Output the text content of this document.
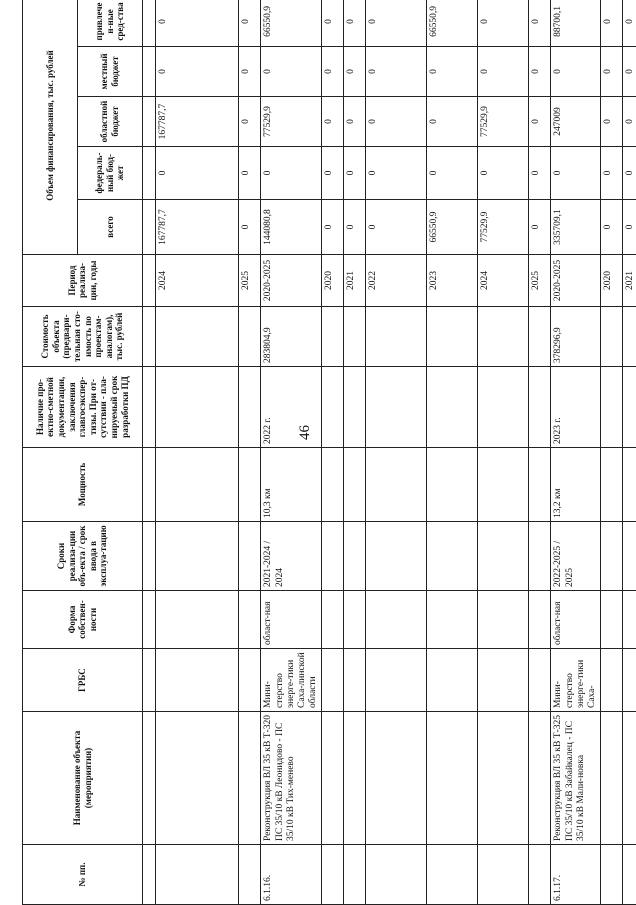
46
№ пп.	Наименование объекта (мероприятия)	ГРБС	Форма собствен-ности	Сроки реализа-ции объ-екта / срок ввода в эксплуа-тацию	Мощность	Наличие про-ектно-сметной документации, заключения главгосэкспер-тизы. При от-сутствии - пла-нируемый срок разработки ПД	Стоимость объекта (предвари-тельная сто-имость по проектам-аналогам), тыс. рублей	Период реализа-ции, годы	Объем финансирования, тыс. рублей	
									всего	федераль-ный бюд-жет	областной бюджет	местный бюджет	привлечен-ные сред-ства	

								2024	167787,7	0	167787,7	0	0	
								2025	0	0	0	0	0	
6.1.16.	Реконструкция ВЛ 35 кВ Т-320 ПС 35/10 кВ Леонидово - ПС 35/10 кВ Тих-менево	Мини-стерство энерге-тики Саха-линской области	област-ная	2021-2024 / 2024	10,3 км	2022 г.	283804,9	2020-2025	144080,8	0	77529,9	0	66550,9	
								2020	0	0	0	0	0	
								2021	0	0	0	0	0	
								2022	0	0	0	0	0	
								2023	66550,9	0	0	0	66550,9	
								2024	77529,9	0	77529,9	0	0	
								2025	0	0	0	0	0	
6.1.17.	Реконструкция ВЛ 35 кВ Т-325 ПС 35/10 кВ Забайкалец - ПС 35/10 кВ Мали-новка	Мини-стерство энерге-тики Саха-	област-ная	2022-2025 / 2025	13,2 км	2023 г.	378296,9	2020-2025	335709,1	0	247009	0	88700,1	
								2020	0	0	0	0	0	
								2021	0	0	0	0	0	
